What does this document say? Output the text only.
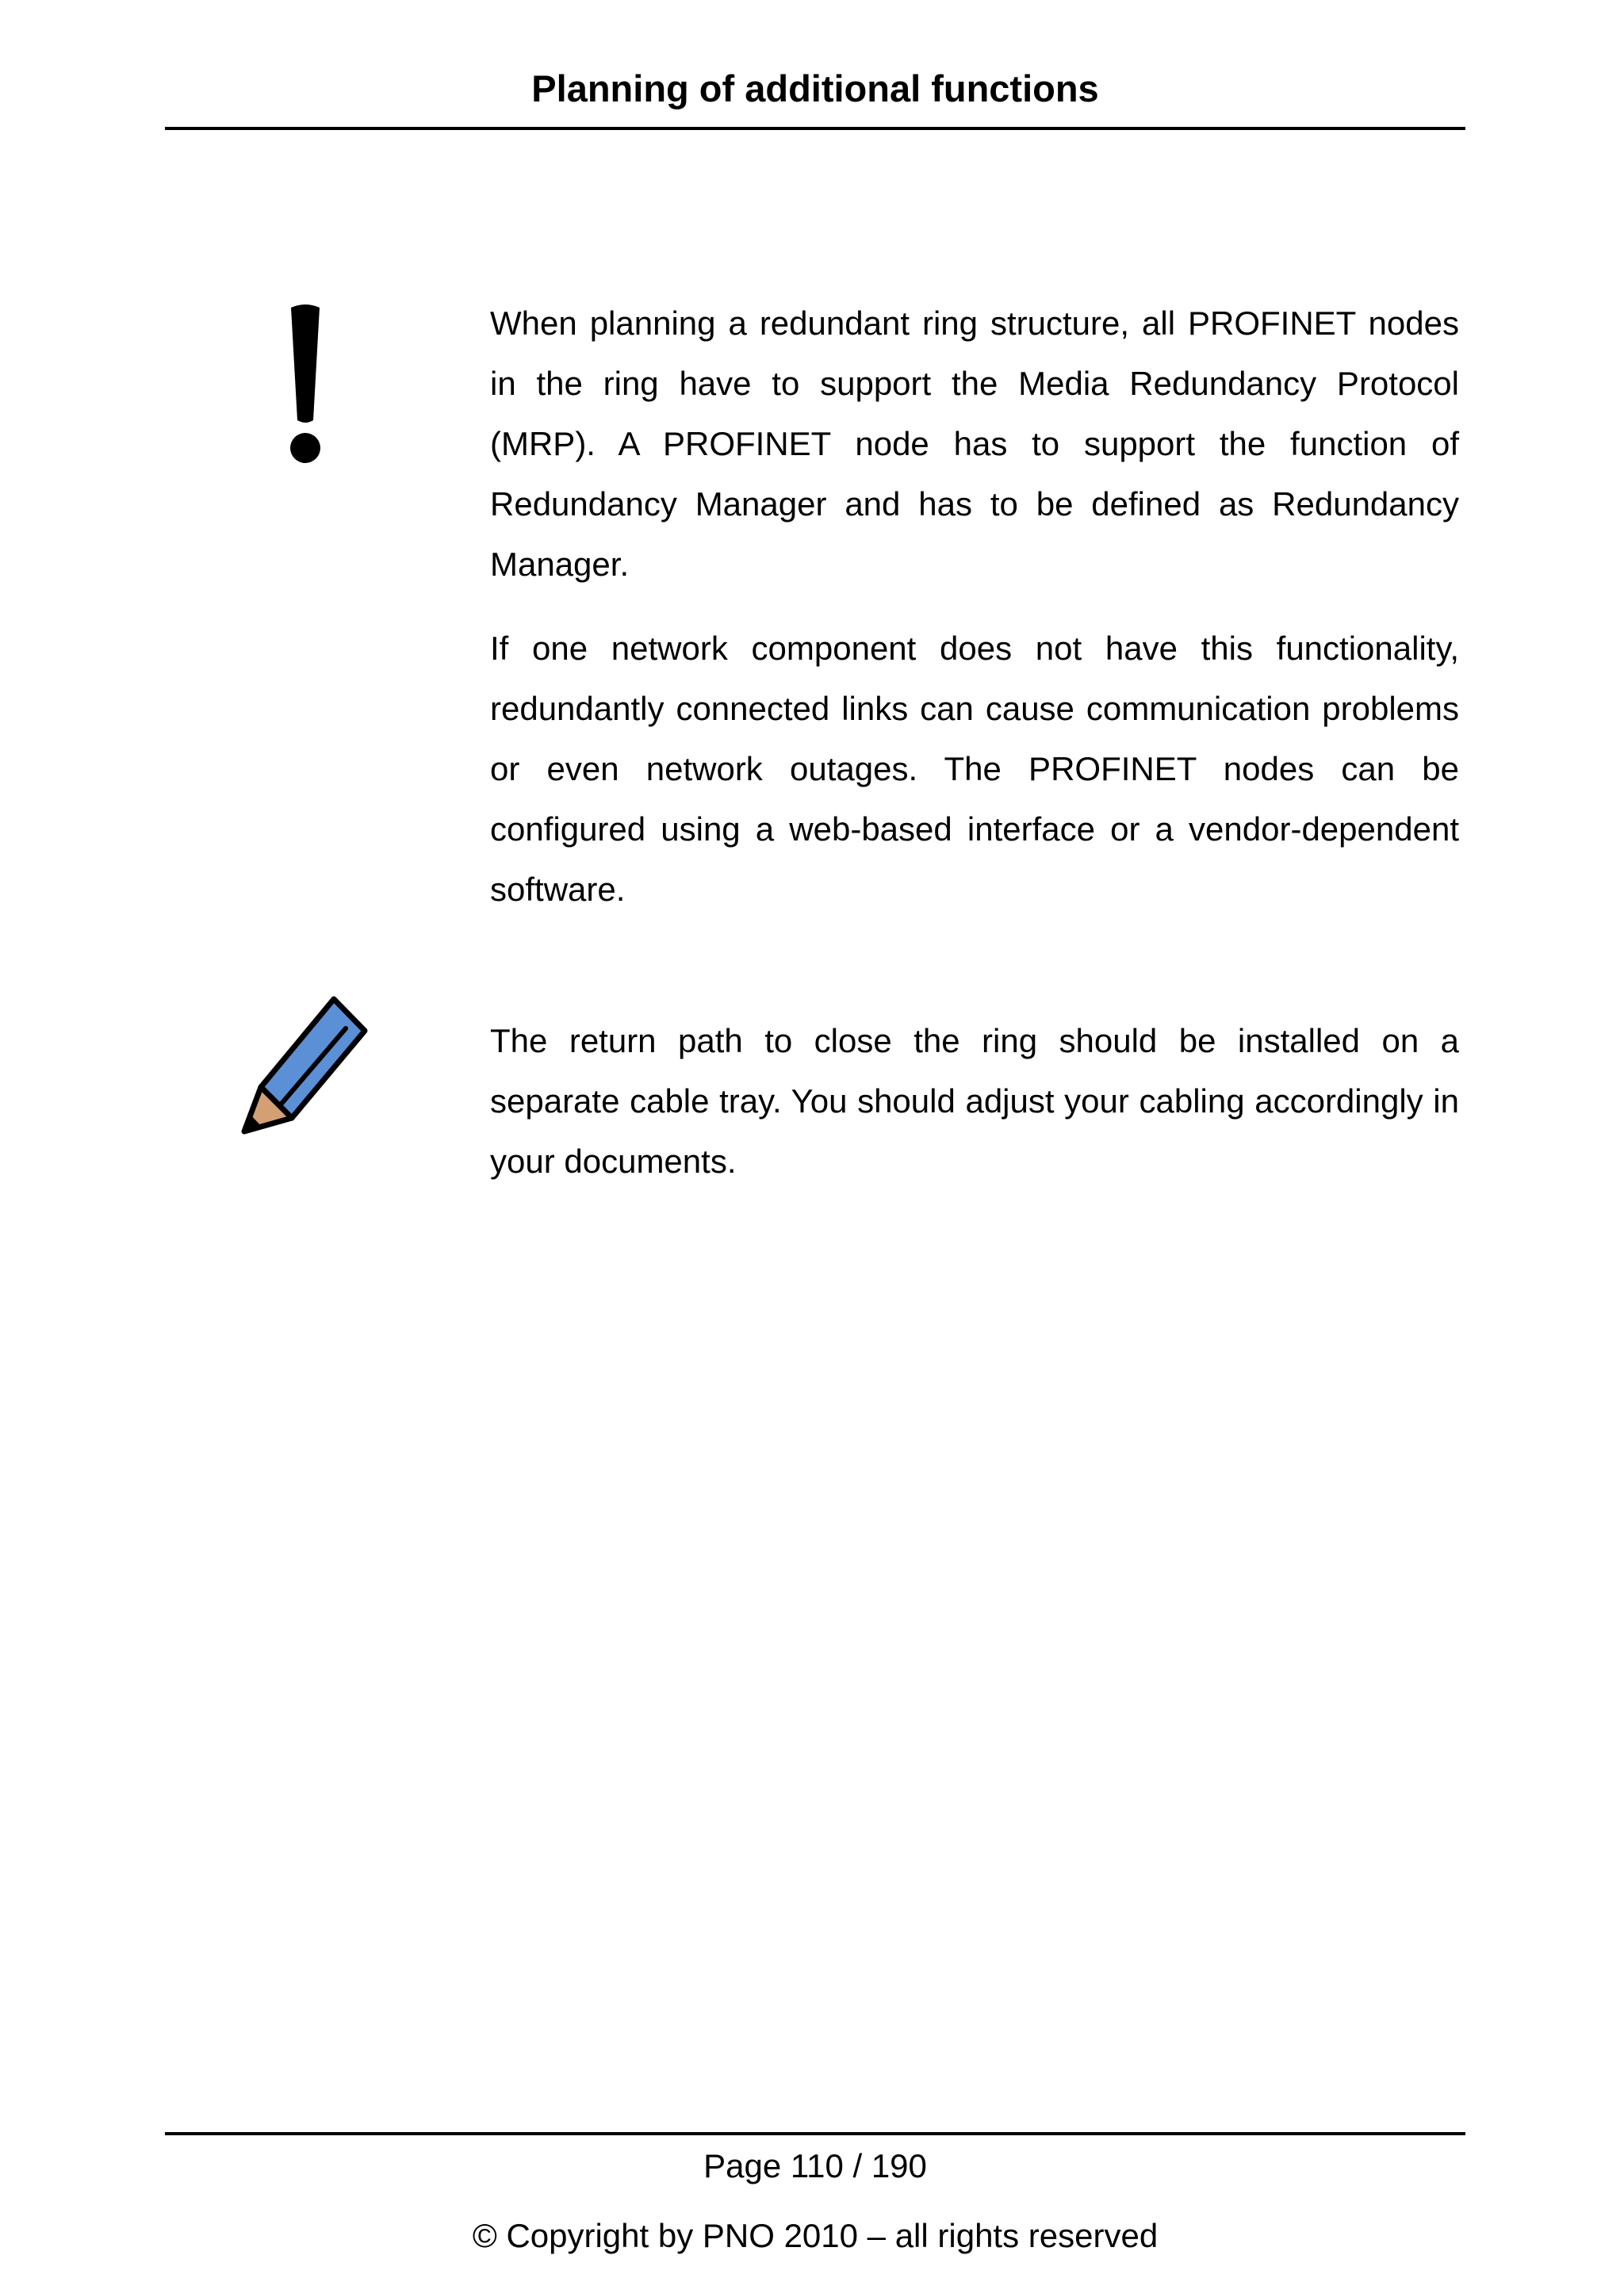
Planning of additional functions

When planning a redundant ring structure, all PROFINET nodes in the ring have to support the Media Redundancy Protocol (MRP). A PROFINET node has to support the function of Redundancy Manager and has to be defined as Redundancy Manager.

If one network component does not have this functionality, redundantly connected links can cause communication problems or even network outages. The PROFINET nodes can be configured using a web-based interface or a vendor-dependent software.

The return path to close the ring should be installed on a separate cable tray. You should adjust your cabling accordingly in your documents.

Page 110 / 190
© Copyright by PNO 2010 – all rights reserved
